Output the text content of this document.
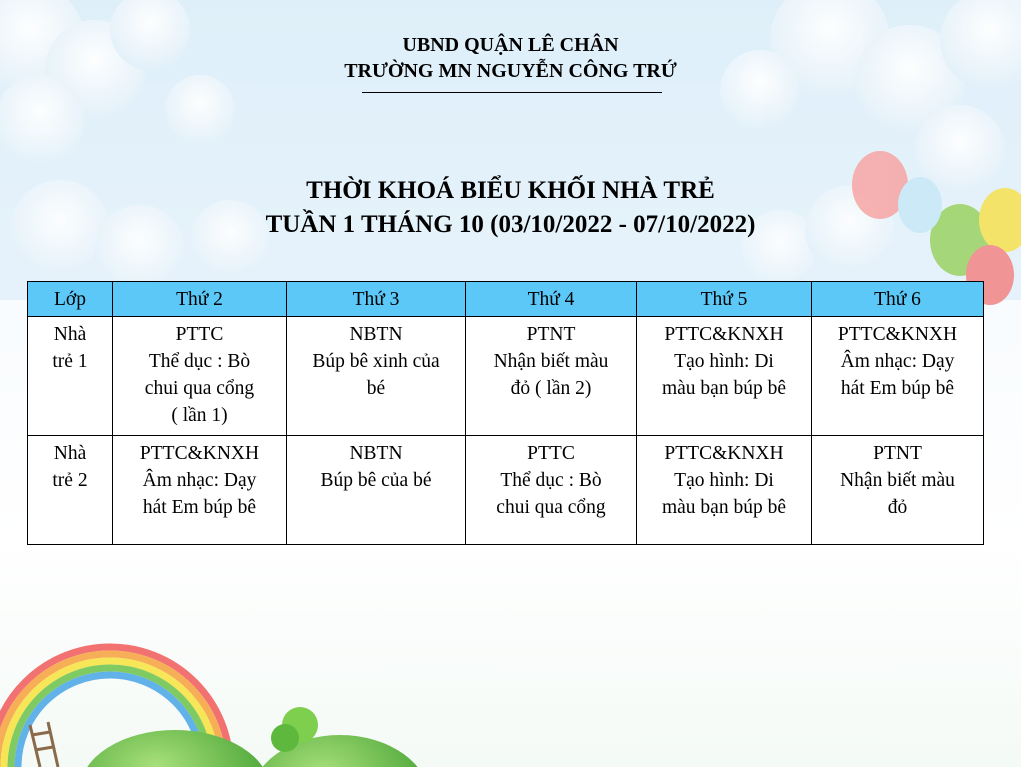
UBND QUẬN LÊ CHÂN
TRƯỜNG MN NGUYỄN CÔNG TRỨ
THỜI KHOÁ BIỂU KHỐI NHÀ TRẺ
TUẦN 1 THÁNG 10 (03/10/2022 - 07/10/2022)
Lớp	Thứ 2	Thứ 3	Thứ 4	Thứ 5	Thứ 6

Nhà
trẻ 1	PTTC
Thể dục : Bò
chui qua cổng
( lần 1)	NBTN
Búp bê xinh của
bé	PTNT
Nhận biết màu
đỏ ( lần 2)	PTTC&KNXH
Tạo hình: Di
màu bạn búp bê	PTTC&KNXH
Âm nhạc: Dạy
hát Em búp bê

Nhà
trẻ 2	PTTC&KNXH
Âm nhạc: Dạy
hát Em búp bê	NBTN
Búp bê của bé	PTTC
Thể dục : Bò
chui qua cổng	PTTC&KNXH
Tạo hình: Di
màu bạn búp bê	PTNT
Nhận biết màu
đỏ
